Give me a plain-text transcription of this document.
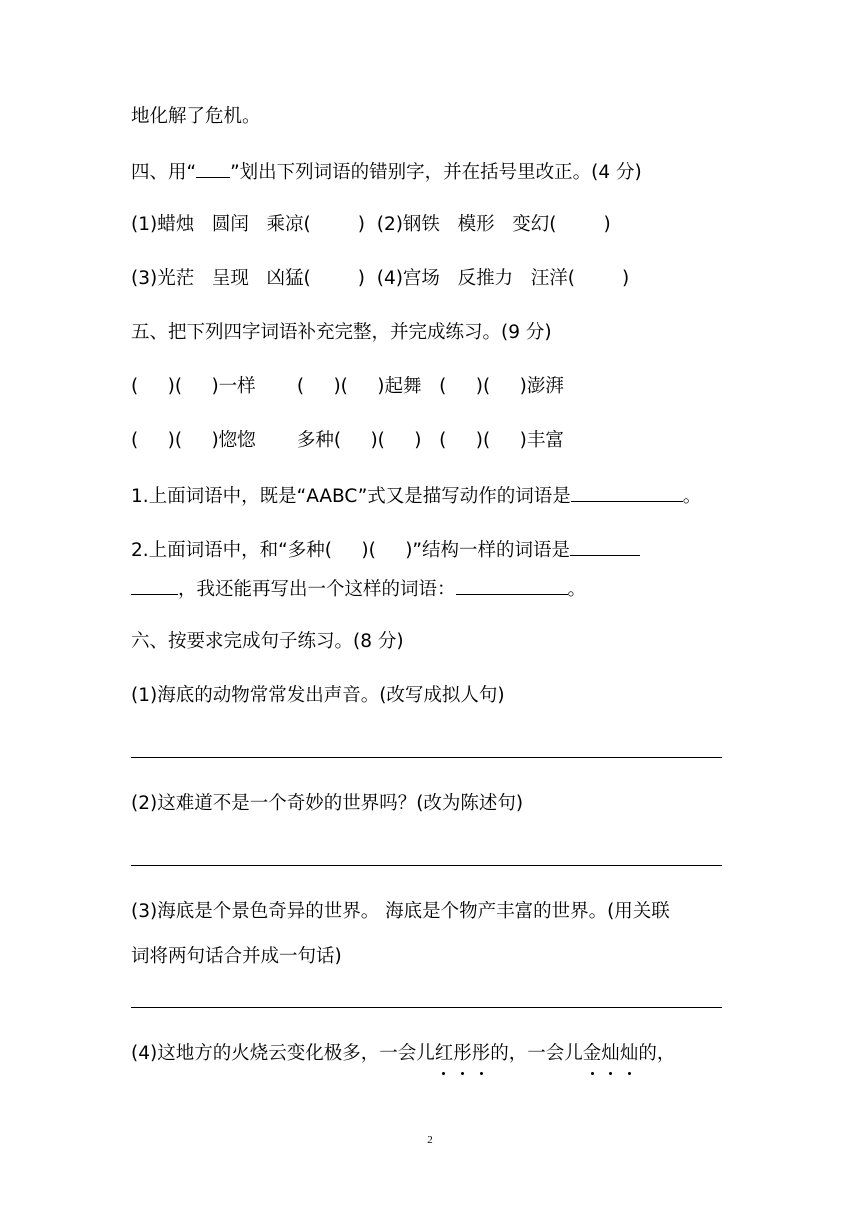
地化解了危机。
四、用“ ”划出下列词语的错别字，并在括号里改正。(4 分)
(1)蜡烛   圆闰   乘凉(        )  (2)钢铁   模形   变幻(        )
(3)光茫   呈现   凶猛(        )  (4)宫场   反推力   汪洋(        )
五、把下列四字词语补充完整，并完成练习。(9 分)
(     )(     )一样       (     )(     )起舞   (     )(     )澎湃
(     )(     )惚惚       多种(     )(     )   (     )(     )丰富
1.上面词语中，既是“AABC”式又是描写动作的词语是	。
2.上面词语中，和“多种(     )(     )”结构一样的词语是
，我还能再写出一个这样的词语：	。
六、按要求完成句子练习。(8 分)
(1)海底的动物常常发出声音。(改写成拟人句)
(2)这难道不是一个奇妙的世界吗？(改为陈述句)
(3)海底是个景色奇异的世界。 海底是个物产丰富的世界。(用关联
词将两句话合并成一句话)
(4)这地方的火烧云变化极多，一会儿红
彤
彤
的，一会儿金
灿
灿
的，
2
